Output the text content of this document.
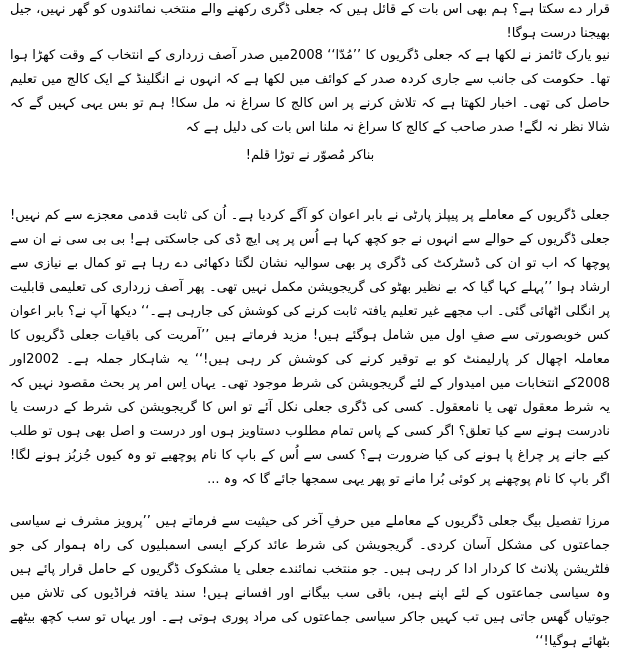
قرار دے سکتا ہے؟ ہم بھی اس بات کے قائل ہیں کہ جعلی ڈگری رکھنے والے منتخب نمائندوں کو گھر نہیں، جیل بھیجنا درست ہوگا!

نیو یارک ٹائمز نے لکھا ہے کہ جعلی ڈگریوں کا ’’مُدّا‘‘ 2008میں صدر آصف زرداری کے انتخاب کے وقت کھڑا ہوا تھا۔ حکومت کی جانب سے جاری کردہ صدر کے کوائف میں لکھا ہے کہ انہوں نے انگلینڈ کے ایک کالج میں تعلیم حاصل کی تھی۔ اخبار لکھتا ہے کہ تلاش کرنے پر اس کالج کا سراغ نہ مل سکا! ہم تو بس یہی کہیں گے کہ شالا نظر نہ لگے! صدر صاحب کے کالج کا سراغ نہ ملنا اس بات کی دلیل ہے کہ

بناکر مُصوّر نے توڑا قلم!

جعلی ڈگریوں کے معاملے پر پیپلز پارٹی نے بابر اعوان کو آگے کردیا ہے۔ اُن کی ثابت قدمی معجزے سے کم نہیں! جعلی ڈگریوں کے حوالے سے انہوں نے جو کچھ کہا ہے اُس پر پی ایچ ڈی کی جاسکتی ہے! بی بی سی نے ان سے پوچھا کہ اب تو ان کی ڈسٹرکٹ کی ڈگری پر بھی سوالیہ نشان لگتا دکھائی دے رہا ہے تو کمال بے نیازی سے ارشاد ہوا ’’پہلے کہا گیا کہ بے نظیر بھٹو کی گریجویشن مکمل نہیں تھی۔ پھر آصف زرداری کی تعلیمی قابلیت پر انگلی اٹھائی گئی۔ اب مجھے غیر تعلیم یافتہ ثابت کرنے کی کوشش کی جارہی ہے۔‘‘ دیکھا آپ نے؟ بابر اعوان کس خوبصورتی سے صفِ اول میں شامل ہوگئے ہیں! مزید فرماتے ہیں ’’آمریت کی باقیات جعلی ڈگریوں کا معاملہ اچھال کر پارلیمنٹ کو بے توقیر کرنے کی کوشش کر رہی ہیں!‘‘ یہ شاہکار جملہ ہے۔ 2002اور 2008کے انتخابات میں امیدوار کے لئے گریجویشن کی شرط موجود تھی۔ یہاں اِس امر پر بحث مقصود نہیں کہ یہ شرط معقول تھی یا نامعقول۔ کسی کی ڈگری جعلی نکل آئے تو اس کا گریجویشن کی شرط کے درست یا نادرست ہونے سے کیا تعلق؟ اگر کسی کے پاس تمام مطلوب دستاویز ہوں اور درست و اصل بھی ہوں تو طلب کیے جانے پر چراغ پا ہونے کی کیا ضرورت ہے؟ کسی سے اُس کے باپ کا نام پوچھیے تو وہ کیوں جُزبُز ہونے لگا! اگر باپ کا نام پوچھنے پر کوئی بُرا مانے تو پھر یہی سمجھا جائے گا کہ وہ ...

مرزا تفصیل بیگ جعلی ڈگریوں کے معاملے میں حرفِ آخر کی حیثیت سے فرماتے ہیں ’’پرویز مشرف نے سیاسی جماعتوں کی مشکل آسان کردی۔ گریجویشن کی شرط عائد کرکے ایسی اسمبلیوں کی راہ ہموار کی جو فلٹریشن پلانٹ کا کردار ادا کر رہی ہیں۔ جو منتخب نمائندے جعلی یا مشکوک ڈگریوں کے حامل قرار پائے ہیں وہ سیاسی جماعتوں کے لئے اپنے ہیں، باقی سب بیگانے اور افسانے ہیں! سند یافتہ فراڈیوں کی تلاش میں جوتیاں گھس جاتی ہیں تب کہیں جاکر سیاسی جماعتوں کی مراد پوری ہوتی ہے۔ اور یہاں تو سب کچھ بیٹھے بٹھائے ہوگیا!‘‘
